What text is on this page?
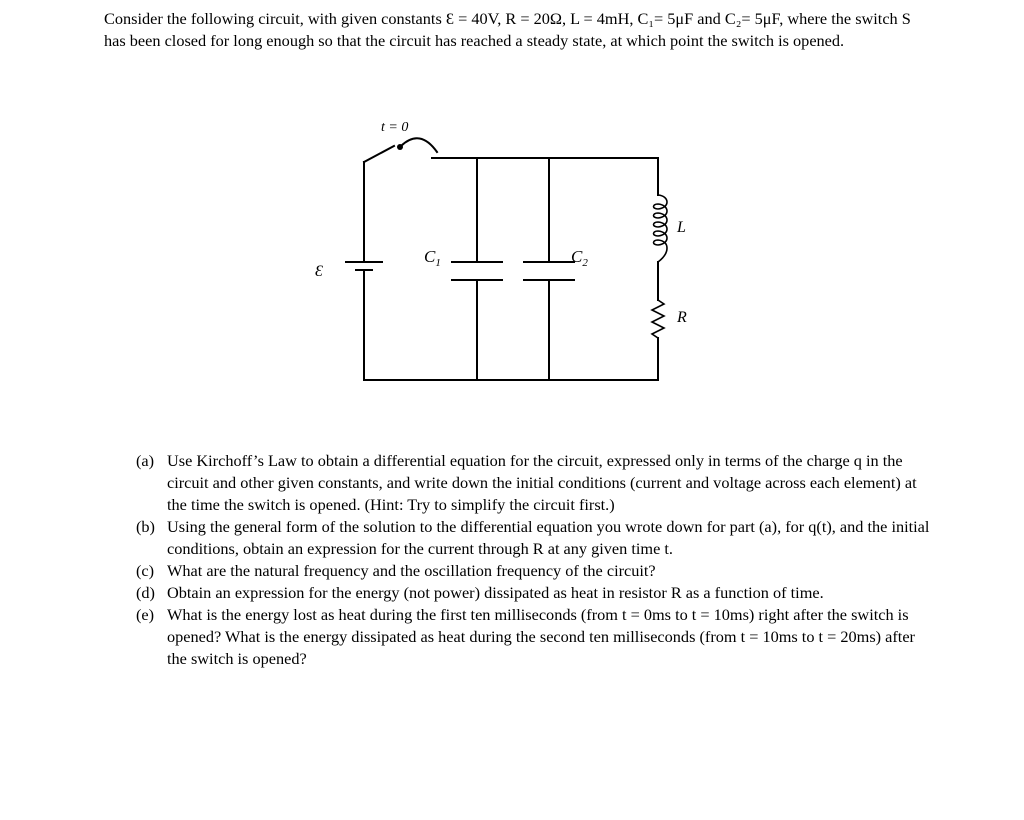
Consider the following circuit, with given constants Ɛ = 40V, R = 20Ω, L = 4mH, C₁= 5μF and C₂= 5μF, where the switch S has been closed for long enough so that the circuit has reached a steady state, at which point the switch is opened.

t = 0
Ɛ
$C_1$	$C_2$
L
R
(a) Use Kirchoff’s Law to obtain a differential equation for the circuit, expressed only in terms of the charge q in the circuit and other given constants, and write down the initial conditions (current and voltage across each element) at the time the switch is opened. (Hint: Try to simplify the circuit first.)
(b) Using the general form of the solution to the differential equation you wrote down for part (a), for q(t), and the initial conditions, obtain an expression for the current through R at any given time t.
(c) What are the natural frequency and the oscillation frequency of the circuit?
(d) Obtain an expression for the energy (not power) dissipated as heat in resistor R as a function of time.
(e) What is the energy lost as heat during the first ten milliseconds (from t = 0ms to t = 10ms) right after the switch is opened? What is the energy dissipated as heat during the second ten milliseconds (from t = 10ms to t = 20ms) after the switch is opened?
